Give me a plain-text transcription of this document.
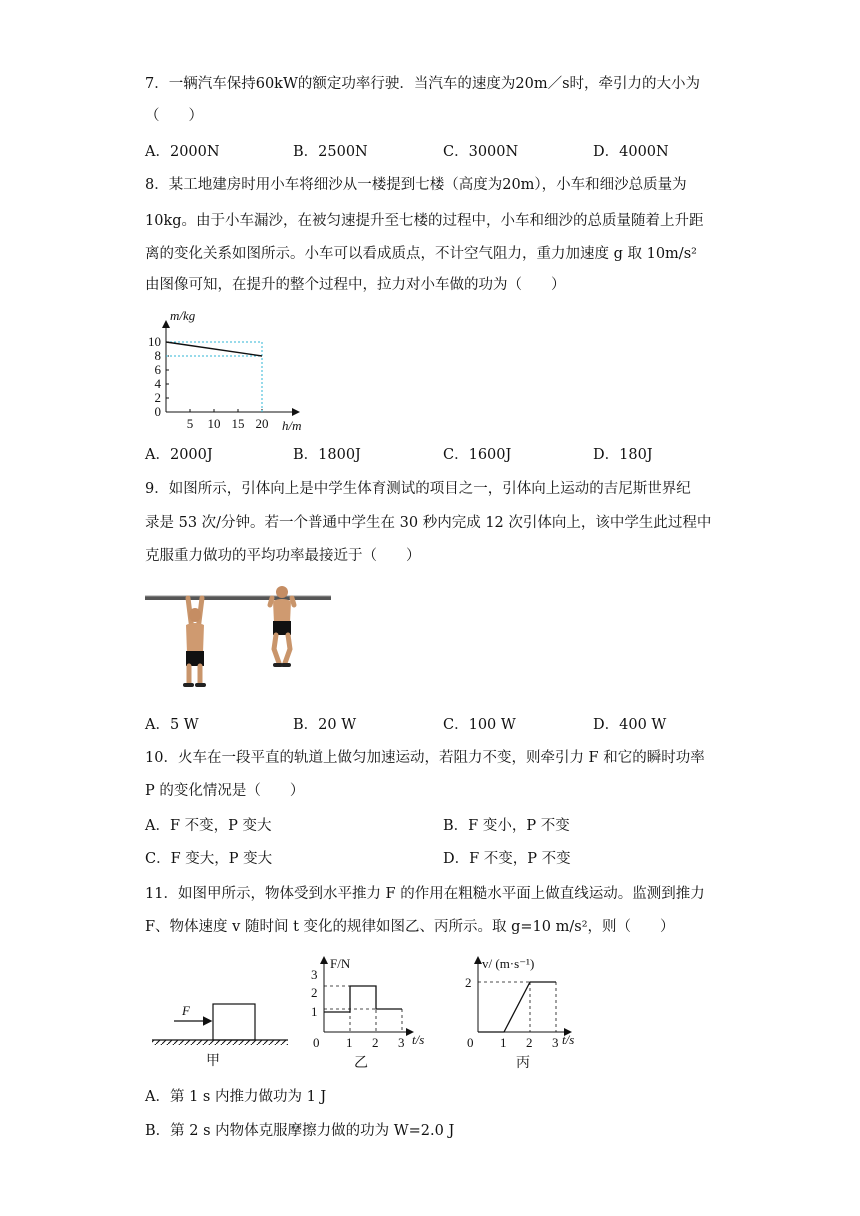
7．一辆汽车保持60kW的额定功率行驶．当汽车的速度为20m／s时，牵引力的大小为
（　　）
A．2000N	B．2500N	C．3000N	D．4000N
8．某工地建房时用小车将细沙从一楼提到七楼（高度为20m），小车和细沙总质量为
10kg。由于小车漏沙，在被匀速提升至七楼的过程中，小车和细沙的总质量随着上升距
离的变化关系如图所示。小车可以看成质点，不计空气阻力，重力加速度 g 取 10m/s²
由图像可知，在提升的整个过程中，拉力对小车做的功为（　　）
m/kg
h/m
0
2
4
6
8
10
5 10 15 20
A．2000J	B．1800J	C．1600J	D．180J
9．如图所示，引体向上是中学生体育测试的项目之一，引体向上运动的吉尼斯世界纪
录是 53 次/分钟。若一个普通中学生在 30 秒内完成 12 次引体向上，该中学生此过程中
克服重力做功的平均功率最接近于（　　）
A．5 W	B．20 W	C．100 W	D．400 W
10．火车在一段平直的轨道上做匀加速运动，若阻力不变，则牵引力 F 和它的瞬时功率
P 的变化情况是（　　）
A．F 不变，P 变大	B．F 变小，P 不变
C．F 变大，P 变大	D．F 不变，P 不变
11．如图甲所示，物体受到水平推力 F 的作用在粗糙水平面上做直线运动。监测到推力
F、物体速度 v 随时间 t 变化的规律如图乙、丙所示。取 g=10 m/s²，则（　　）
F
甲
F/N
t/s
1
2
3
0 1 2 3
乙
v/ (m·s⁻¹)
t/s
2
0 1 2 3
丙
A．第 1 s 内推力做功为 1 J
B．第 2 s 内物体克服摩擦力做的功为 W=2.0 J
